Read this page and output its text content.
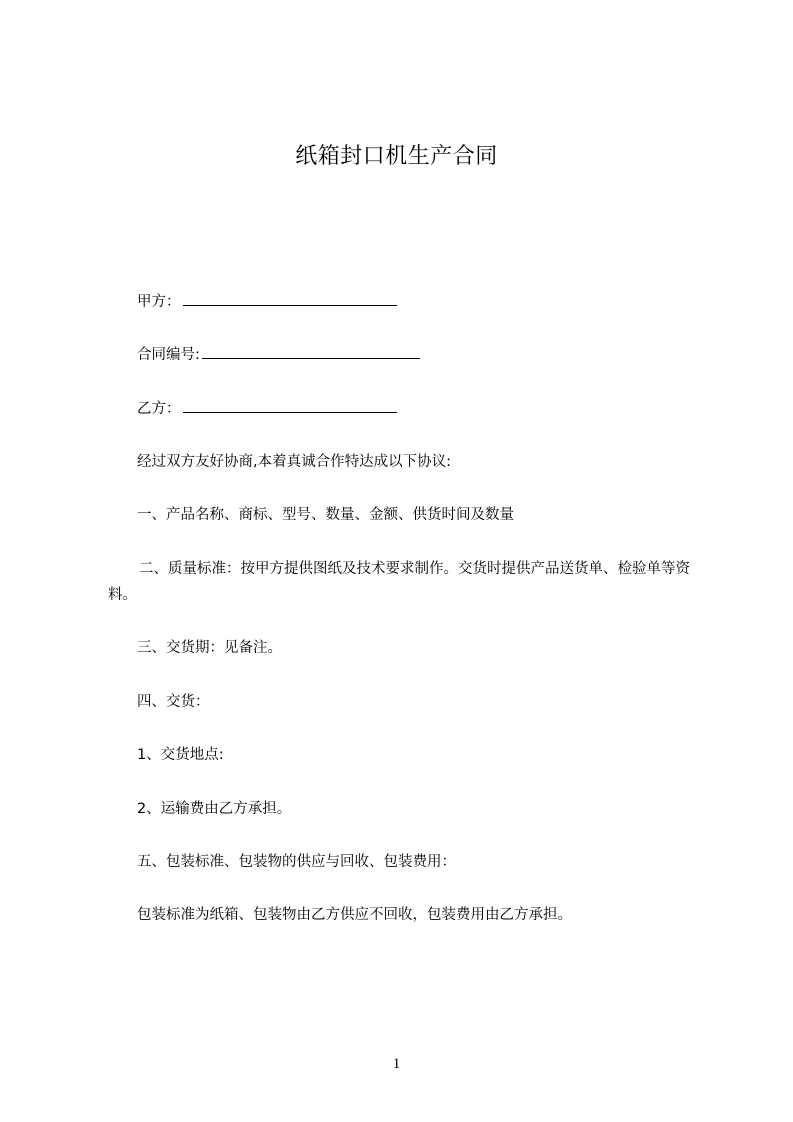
纸箱封口机生产合同
甲方：
合同编号:
乙方：
经过双方友好协商,本着真诚合作特达成以下协议:
一、产品名称、商标、型号、数量、金额、供货时间及数量
二、质量标准：按甲方提供图纸及技术要求制作。交货时提供产品送货单、检验单等资料。
三、交货期：见备注。
四、交货：
1、交货地点:
2、运输费由乙方承担。
五、包装标准、包装物的供应与回收、包装费用：
包装标准为纸箱、包装物由乙方供应不回收，包装费用由乙方承担。
1
